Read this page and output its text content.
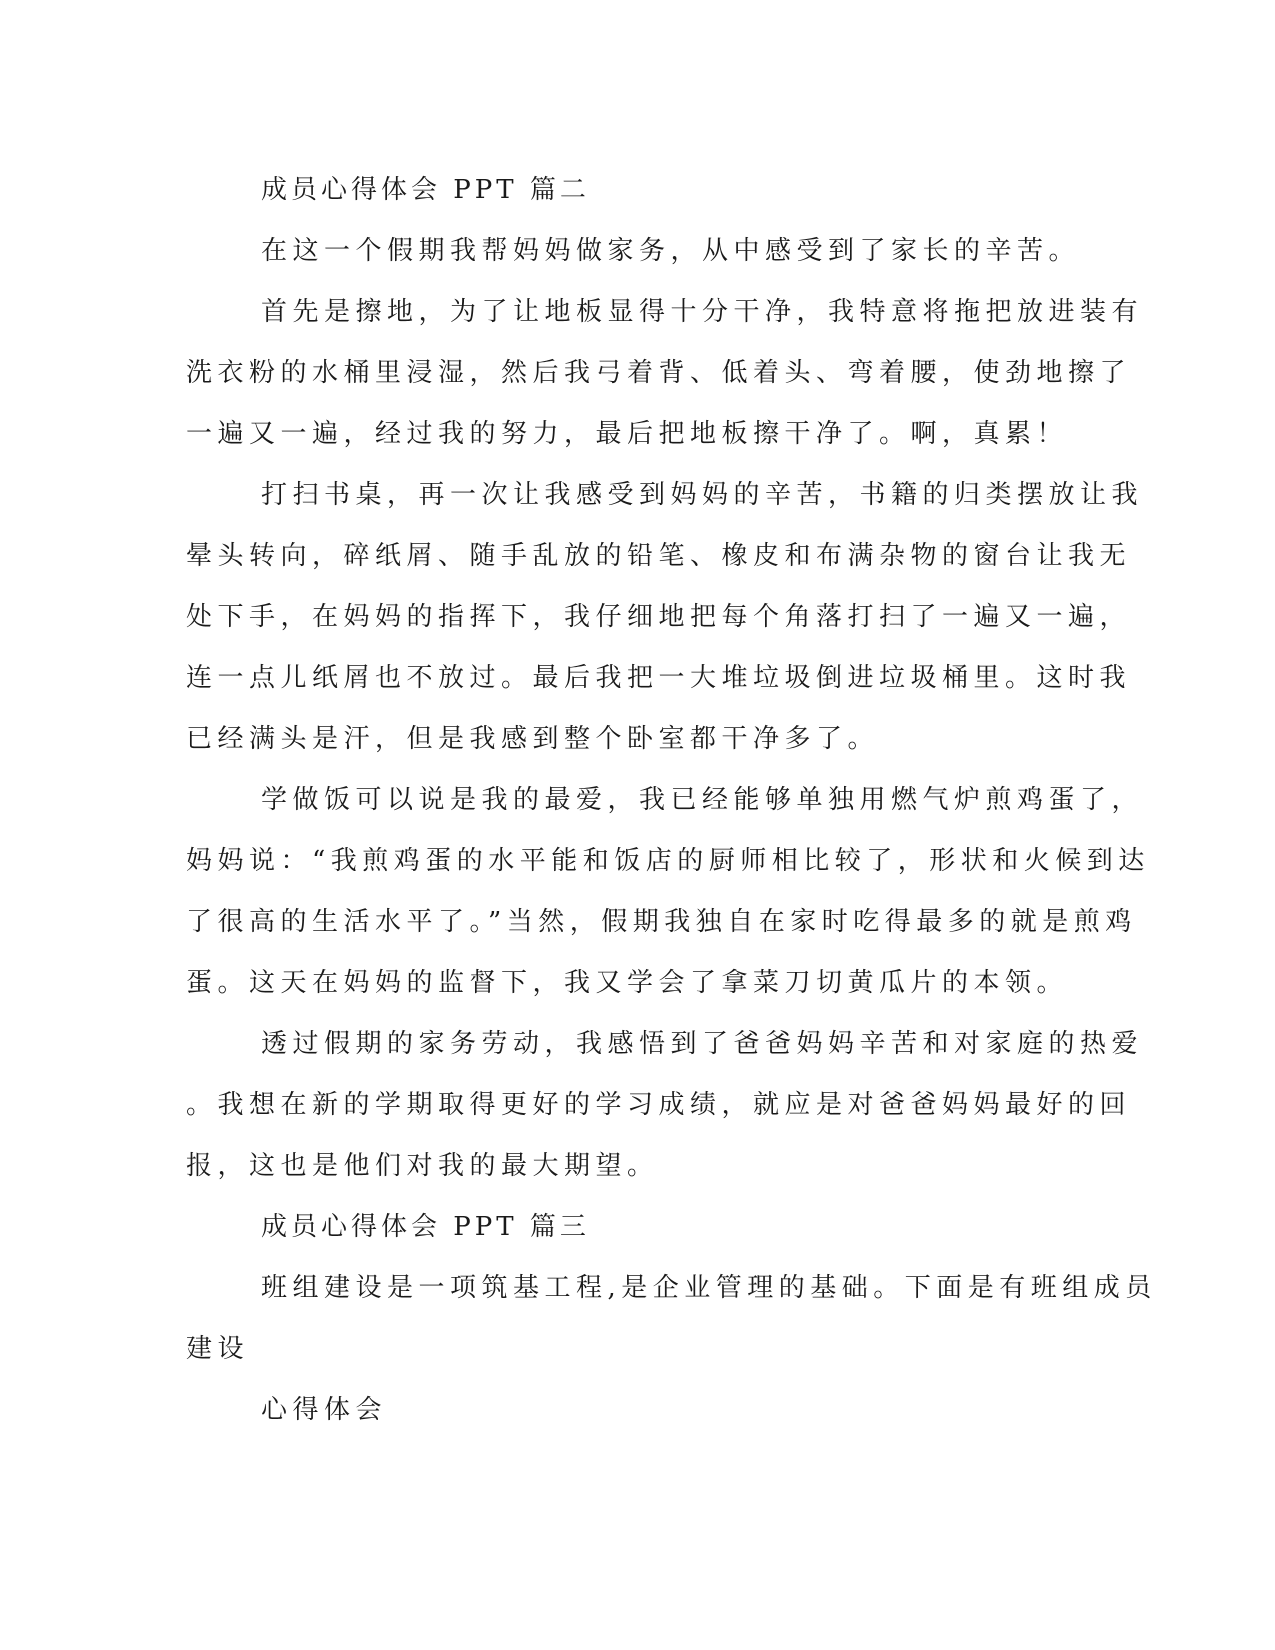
成员心得体会 PPT 篇二
在这一个假期我帮妈妈做家务，从中感受到了家长的辛苦。
首先是擦地，为了让地板显得十分干净，我特意将拖把放进装有
洗衣粉的水桶里浸湿，然后我弓着背、低着头、弯着腰，使劲地擦了
一遍又一遍，经过我的努力，最后把地板擦干净了。啊，真累！
打扫书桌，再一次让我感受到妈妈的辛苦，书籍的归类摆放让我
晕头转向，碎纸屑、随手乱放的铅笔、橡皮和布满杂物的窗台让我无
处下手，在妈妈的指挥下，我仔细地把每个角落打扫了一遍又一遍，
连一点儿纸屑也不放过。最后我把一大堆垃圾倒进垃圾桶里。这时我
已经满头是汗，但是我感到整个卧室都干净多了。
学做饭可以说是我的最爱，我已经能够单独用燃气炉煎鸡蛋了，
妈妈说：“我煎鸡蛋的水平能和饭店的厨师相比较了，形状和火候到达
了很高的生活水平了。”当然，假期我独自在家时吃得最多的就是煎鸡
蛋。这天在妈妈的监督下，我又学会了拿菜刀切黄瓜片的本领。
透过假期的家务劳动，我感悟到了爸爸妈妈辛苦和对家庭的热爱
。我想在新的学期取得更好的学习成绩，就应是对爸爸妈妈最好的回
报，这也是他们对我的最大期望。
成员心得体会 PPT 篇三
班组建设是一项筑基工程,是企业管理的基础。下面是有班组成员
建设
心得体会
